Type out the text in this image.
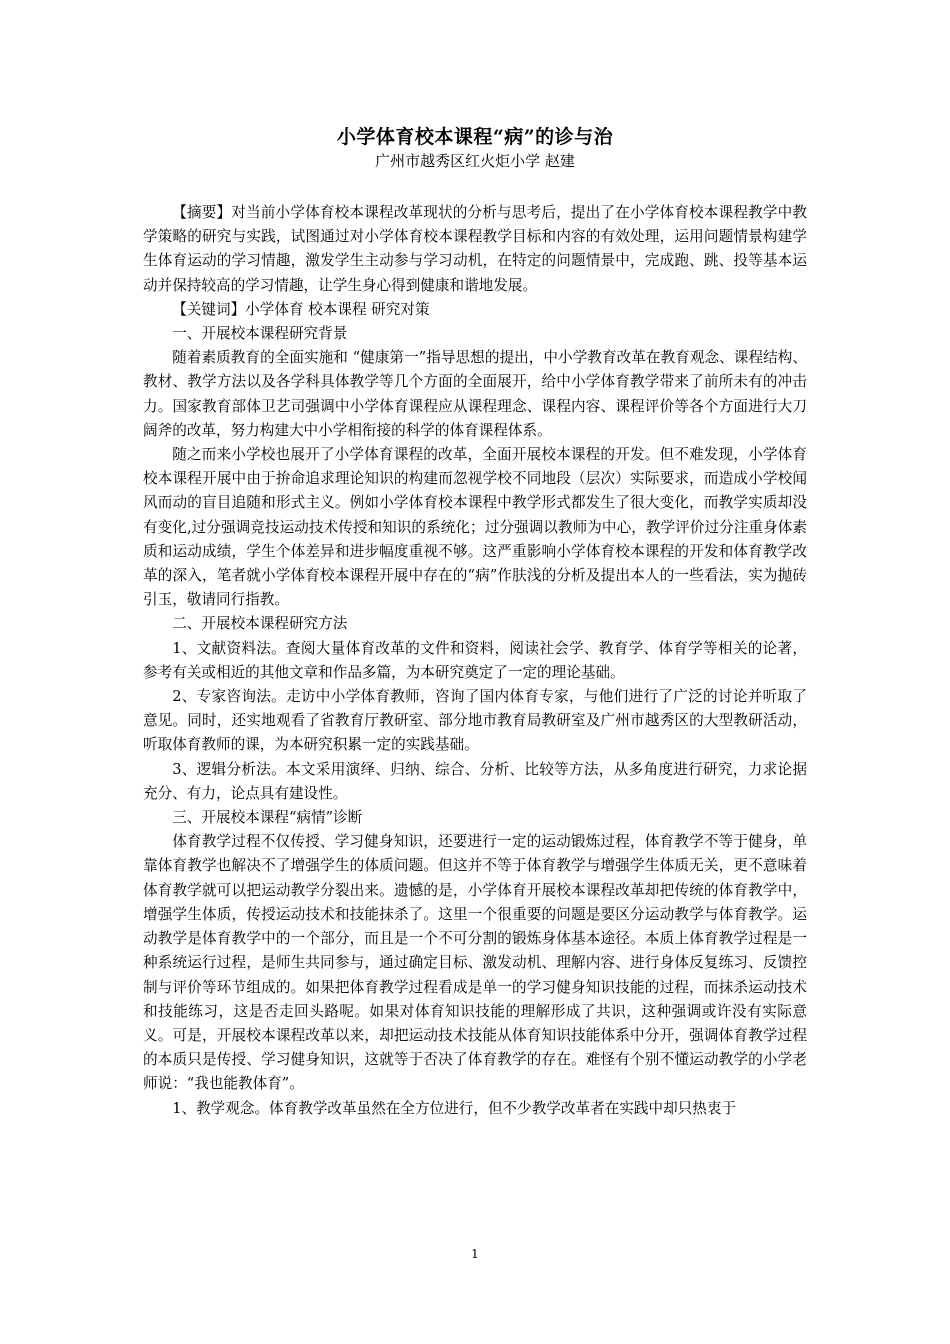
小学体育校本课程“病”的诊与治
广州市越秀区红火炬小学 赵建

【摘要】对当前小学体育校本课程改革现状的分析与思考后，提出了在小学体育校本课程教学中教学策略的研究与实践，试图通过对小学体育校本课程教学目标和内容的有效处理，运用问题情景构建学生体育运动的学习情趣，激发学生主动参与学习动机，在特定的问题情景中，完成跑、跳、投等基本运动并保持较高的学习情趣，让学生身心得到健康和谐地发展。

【关键词】小学体育 校本课程 研究对策

一、开展校本课程研究背景

随着素质教育的全面实施和 “健康第一”指导思想的提出，中小学教育改革在教育观念、课程结构、教材、教学方法以及各学科具体教学等几个方面的全面展开，给中小学体育教学带来了前所未有的冲击力。国家教育部体卫艺司强调中小学体育课程应从课程理念、课程内容、课程评价等各个方面进行大刀阔斧的改革，努力构建大中小学相衔接的科学的体育课程体系。

随之而来小学校也展开了小学体育课程的改革，全面开展校本课程的开发。但不难发现，小学体育校本课程开展中由于拚命追求理论知识的构建而忽视学校不同地段（层次）实际要求，而造成小学校闻风而动的盲目追随和形式主义。例如小学体育校本课程中教学形式都发生了很大变化，而教学实质却没有变化,过分强调竞技运动技术传授和知识的系统化；过分强调以教师为中心，教学评价过分注重身体素质和运动成绩，学生个体差异和进步幅度重视不够。这严重影响小学体育校本课程的开发和体育教学改革的深入，笔者就小学体育校本课程开展中存在的“病”作肤浅的分析及提出本人的一些看法，实为抛砖引玉，敬请同行指教。

二、开展校本课程研究方法

1、文献资料法。查阅大量体育改革的文件和资料，阅读社会学、教育学、体育学等相关的论著，参考有关或相近的其他文章和作品多篇，为本研究奠定了一定的理论基础。

2、专家咨询法。走访中小学体育教师，咨询了国内体育专家，与他们进行了广泛的讨论并听取了意见。同时，还实地观看了省教育厅教研室、部分地市教育局教研室及广州市越秀区的大型教研活动，听取体育教师的课，为本研究积累一定的实践基础。

3、逻辑分析法。本文采用演绎、归纳、综合、分析、比较等方法，从多角度进行研究，力求论据充分、有力，论点具有建设性。

三、开展校本课程“病情”诊断

体育教学过程不仅传授、学习健身知识，还要进行一定的运动锻炼过程，体育教学不等于健身，单靠体育教学也解决不了增强学生的体质问题。但这并不等于体育教学与增强学生体质无关，更不意味着体育教学就可以把运动教学分裂出来。遗憾的是，小学体育开展校本课程改革却把传统的体育教学中，增强学生体质，传授运动技术和技能抹杀了。这里一个很重要的问题是要区分运动教学与体育教学。运动教学是体育教学中的一个部分，而且是一个不可分割的锻炼身体基本途径。本质上体育教学过程是一种系统运行过程，是师生共同参与，通过确定目标、激发动机、理解内容、进行身体反复练习、反馈控制与评价等环节组成的。如果把体育教学过程看成是单一的学习健身知识技能的过程，而抹杀运动技术和技能练习，这是否走回头路呢。如果对体育知识技能的理解形成了共识，这种强调或许没有实际意义。可是，开展校本课程改革以来，却把运动技术技能从体育知识技能体系中分开，强调体育教学过程的本质只是传授、学习健身知识，这就等于否决了体育教学的存在。难怪有个别不懂运动教学的小学老师说：“我也能教体育”。

1、教学观念。体育教学改革虽然在全方位进行，但不少教学改革者在实践中却只热衷于

1
